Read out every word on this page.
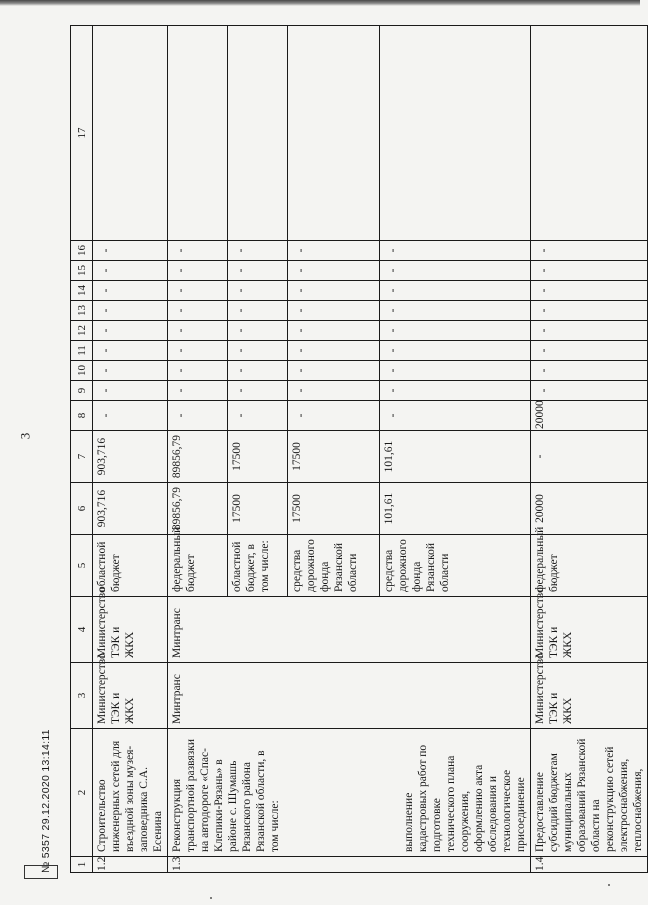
3
1	2	3	4	5	6	7	8	9	10	11	12	13	14	15	16	17
1.2	Строительство инженерных сетей для въездной зоны музея-заповедника С.А. Есенина	Министерство ТЭК и ЖКХ	Министерство ТЭК и ЖКХ	областной бюджет	903,716	903,716	-	-	-	-	-	-	-	-	-	
1.3	Реконструкция транспортной развязки на автодороге «Спас-Клепики-Рязань» в районе с. Шумашь Рязанского района Рязанской области, в том числе:	Минтранс	Минтранс	федеральный бюджет	89856,79	89856,79	-	-	-	-	-	-	-	-	-	
				областной бюджет, в том числе:	17500	17500	-	-	-	-	-	-	-	-	-	
				средства дорожного фонда Рязанской области	17500	17500	-	-	-	-	-	-	-	-	-	
	выполнение кадастровых работ по подготовке технического плана сооружения, оформлению акта обследования и технологическое присоединение			средства дорожного фонда Рязанской области	101,61	101,61	-	-	-	-	-	-	-	-	-	
1.4	Предоставление субсидий бюджетам муниципальных образований Рязанской области на реконструкцию сетей электроснабжения, теплоснабжения,	Министерство ТЭК и ЖКХ	Министерство ТЭК и ЖКХ	федеральный бюджет	20000	-	20000	-	-	-	-	-	-	-	-	
№ 5357 29.12.2020 13:14:11
